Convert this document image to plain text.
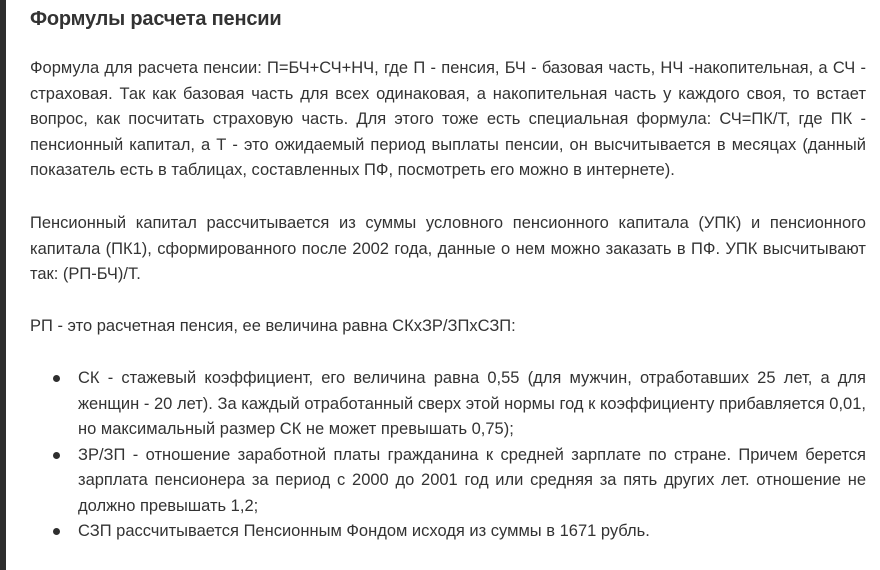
Формулы расчета пенсии

Формула для расчета пенсии: П=БЧ+СЧ+НЧ, где П - пенсия, БЧ - базовая часть, НЧ -накопительная, а СЧ - страховая. Так как базовая часть для всех одинаковая, а накопительная часть у каждого своя, то встает вопрос, как посчитать страховую часть. Для этого тоже есть специальная формула: СЧ=ПК/Т, где ПК - пенсионный капитал, а Т - это ожидаемый период выплаты пенсии, он высчитывается в месяцах (данный показатель есть в таблицах, составленных ПФ, посмотреть его можно в интернете).

Пенсионный капитал рассчитывается из суммы условного пенсионного капитала (УПК) и пенсионного капитала (ПК1), сформированного после 2002 года, данные о нем можно заказать в ПФ. УПК высчитывают так: (РП-БЧ)/Т.

РП - это расчетная пенсия, ее величина равна СКхЗР/ЗПхСЗП:

СК - стажевый коэффициент, его величина равна 0,55 (для мужчин, отработавших 25 лет, а для женщин - 20 лет). За каждый отработанный сверх этой нормы год к коэффициенту прибавляется 0,01, но максимальный размер СК не может превышать 0,75);
ЗР/ЗП - отношение заработной платы гражданина к средней зарплате по стране. Причем берется зарплата пенсионера за период с 2000 до 2001 год или средняя за пять других лет. отношение не должно превышать 1,2;
СЗП рассчитывается Пенсионным Фондом исходя из суммы в 1671 рубль.
